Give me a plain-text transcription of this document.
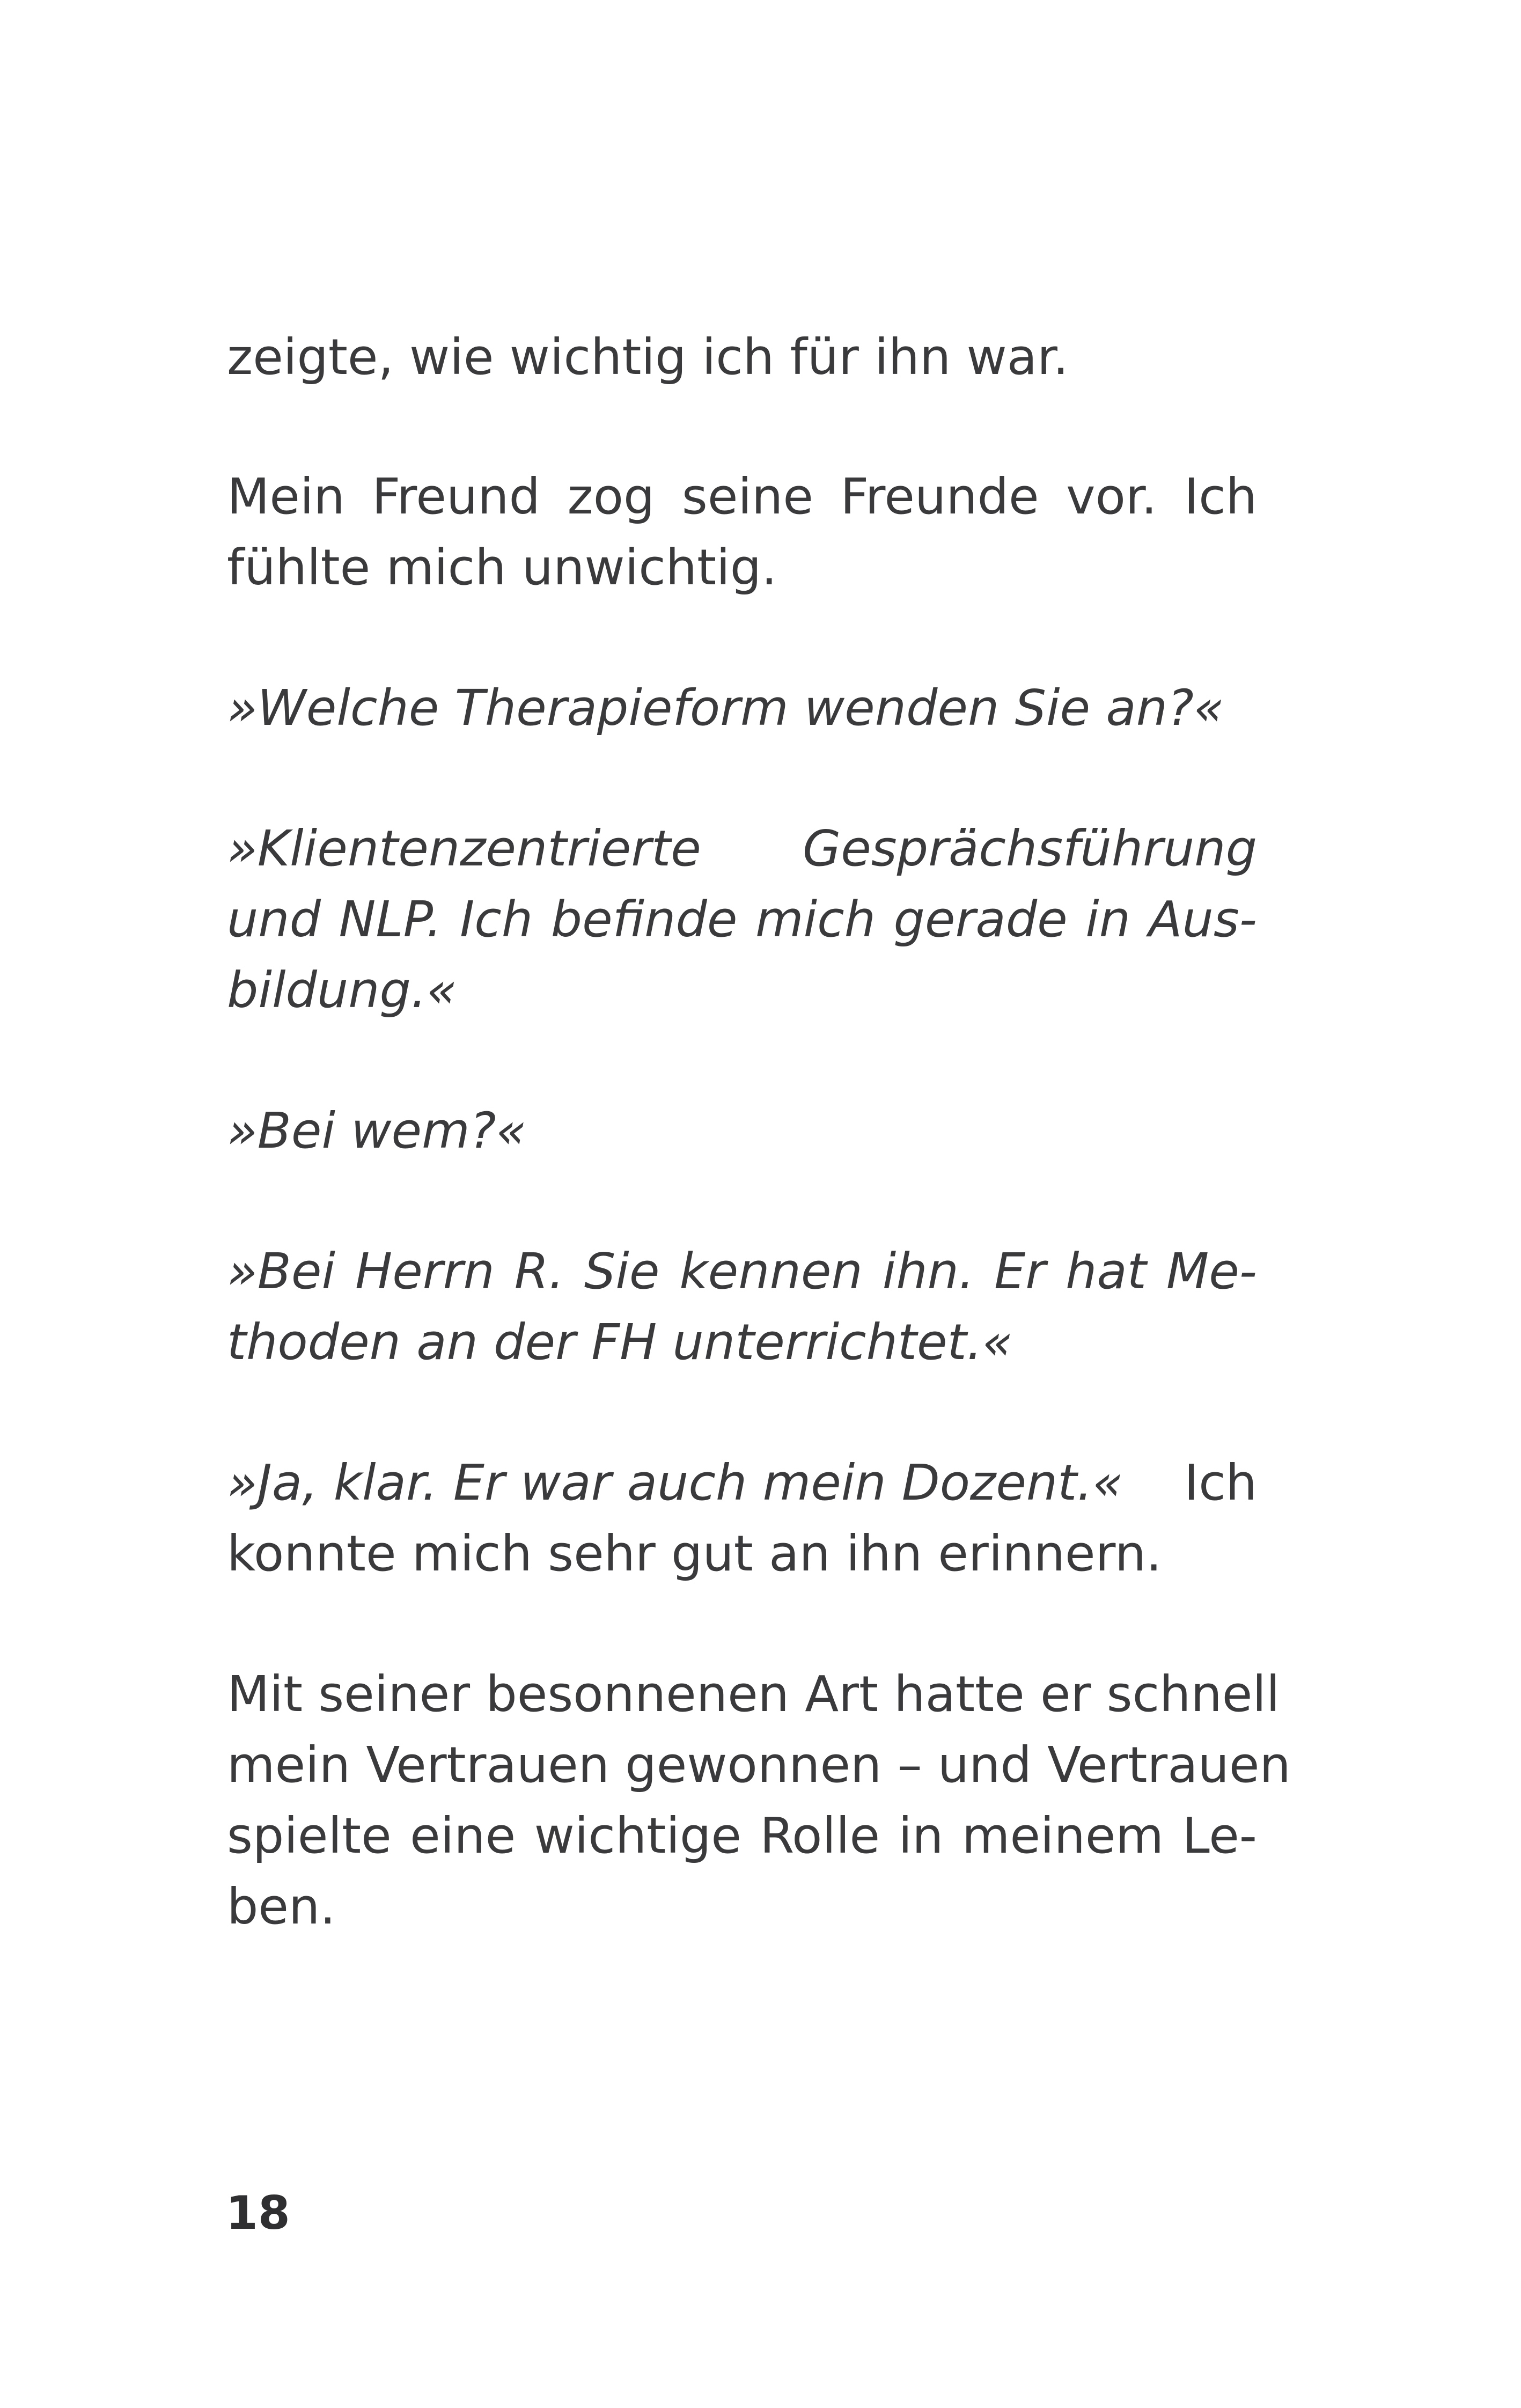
zeigte, wie wichtig ich für ihn war.
Mein Freund zog seine Freunde vor. Ich
fühlte mich unwichtig.
»Welche Therapieform wenden Sie an?«
»Klientenzentrierte Gesprächsführung
und NLP. Ich befinde mich gerade in Aus-
bildung.«
»Bei wem?«
»Bei Herrn R. Sie kennen ihn. Er hat Me-
thoden an der FH unterrichtet.«
»Ja, klar. Er war auch mein Dozent.« Ich
konnte mich sehr gut an ihn erinnern.
Mit seiner besonnenen Art hatte er schnell
mein Vertrauen gewonnen – und Vertrauen
spielte eine wichtige Rolle in meinem Le-
ben.
18
